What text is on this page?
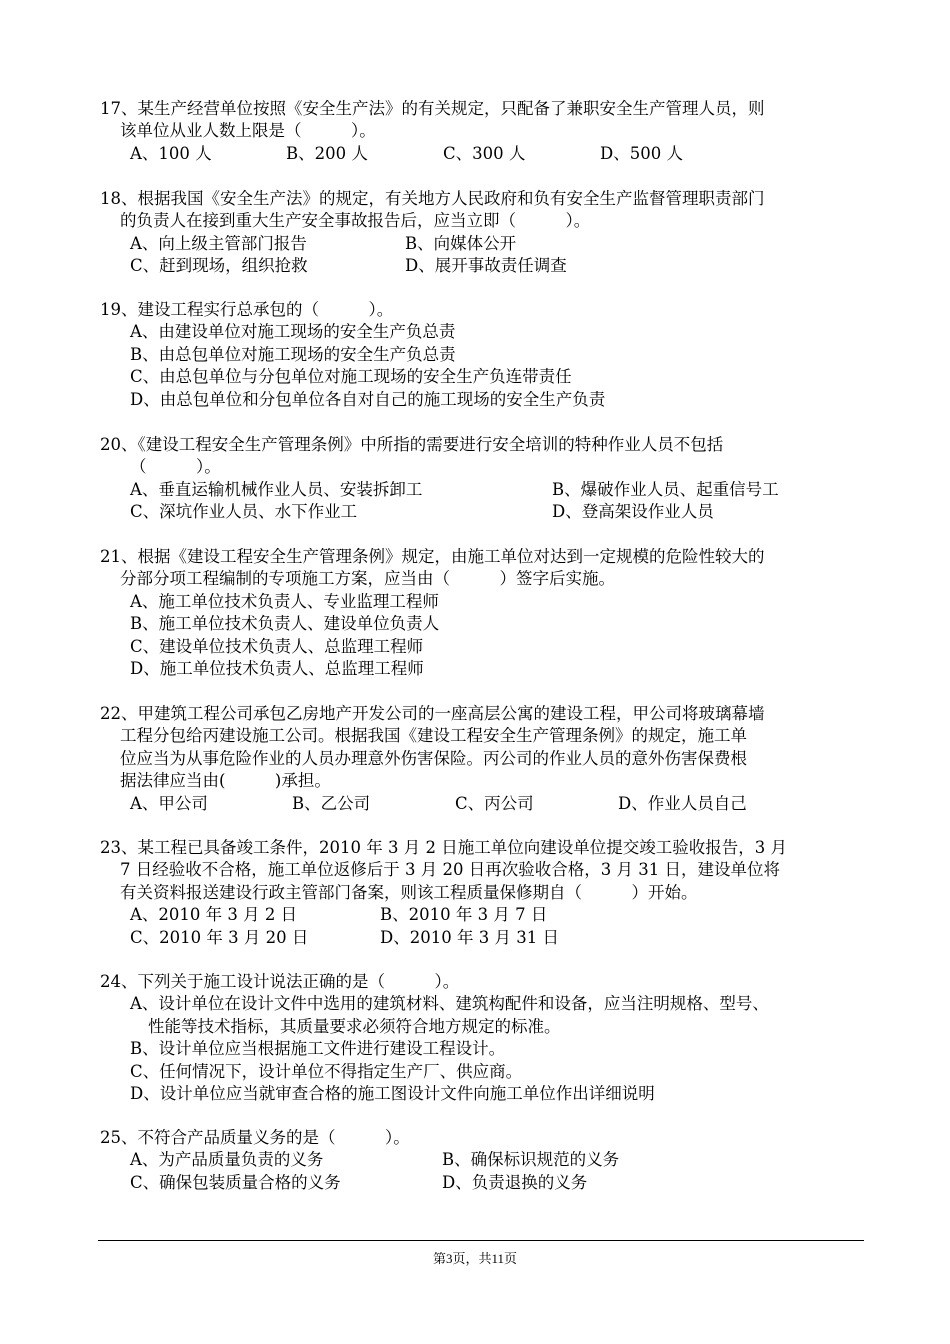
17、某生产经营单位按照《安全生产法》的有关规定，只配备了兼职安全生产管理人员，则
该单位从业人数上限是（　　　）。
A、100 人	B、200 人	C、300 人	D、500 人
18、根据我国《安全生产法》的规定，有关地方人民政府和负有安全生产监督管理职责部门
的负责人在接到重大生产安全事故报告后，应当立即（　　　）。
A、向上级主管部门报告	B、向媒体公开
C、赶到现场，组织抢救	D、展开事故责任调查
19、建设工程实行总承包的（　　　）。
A、由建设单位对施工现场的安全生产负总责
B、由总包单位对施工现场的安全生产负总责
C、由总包单位与分包单位对施工现场的安全生产负连带责任
D、由总包单位和分包单位各自对自己的施工现场的安全生产负责
20、《建设工程安全生产管理条例》中所指的需要进行安全培训的特种作业人员不包括
（　　　）。
A、垂直运输机械作业人员、安装拆卸工	B、爆破作业人员、起重信号工
C、深坑作业人员、水下作业工	D、登高架设作业人员
21、根据《建设工程安全生产管理条例》规定，由施工单位对达到一定规模的危险性较大的
分部分项工程编制的专项施工方案，应当由（　　　）签字后实施。
A、施工单位技术负责人、专业监理工程师
B、施工单位技术负责人、建设单位负责人
C、建设单位技术负责人、总监理工程师
D、施工单位技术负责人、总监理工程师
22、甲建筑工程公司承包乙房地产开发公司的一座高层公寓的建设工程，甲公司将玻璃幕墙
工程分包给丙建设施工公司。根据我国《建设工程安全生产管理条例》的规定，施工单
位应当为从事危险作业的人员办理意外伤害保险。丙公司的作业人员的意外伤害保费根
据法律应当由(　　　)承担。
A、甲公司	B、乙公司	C、丙公司	D、作业人员自己
23、某工程已具备竣工条件，2010 年 3 月 2 日施工单位向建设单位提交竣工验收报告，3 月
7 日经验收不合格，施工单位返修后于 3 月 20 日再次验收合格，3 月 31 日，建设单位将
有关资料报送建设行政主管部门备案，则该工程质量保修期自（　　　）开始。
A、2010 年 3 月 2 日	B、2010 年 3 月 7 日
C、2010 年 3 月 20 日	D、2010 年 3 月 31 日
24、下列关于施工设计说法正确的是（　　　）。
A、设计单位在设计文件中选用的建筑材料、建筑构配件和设备，应当注明规格、型号、
性能等技术指标，其质量要求必须符合地方规定的标准。
B、设计单位应当根据施工文件进行建设工程设计。
C、任何情况下，设计单位不得指定生产厂、供应商。
D、设计单位应当就审查合格的施工图设计文件向施工单位作出详细说明
25、不符合产品质量义务的是（　　　）。
A、为产品质量负责的义务	B、确保标识规范的义务
C、确保包装质量合格的义务	D、负责退换的义务
第3页，共11页
